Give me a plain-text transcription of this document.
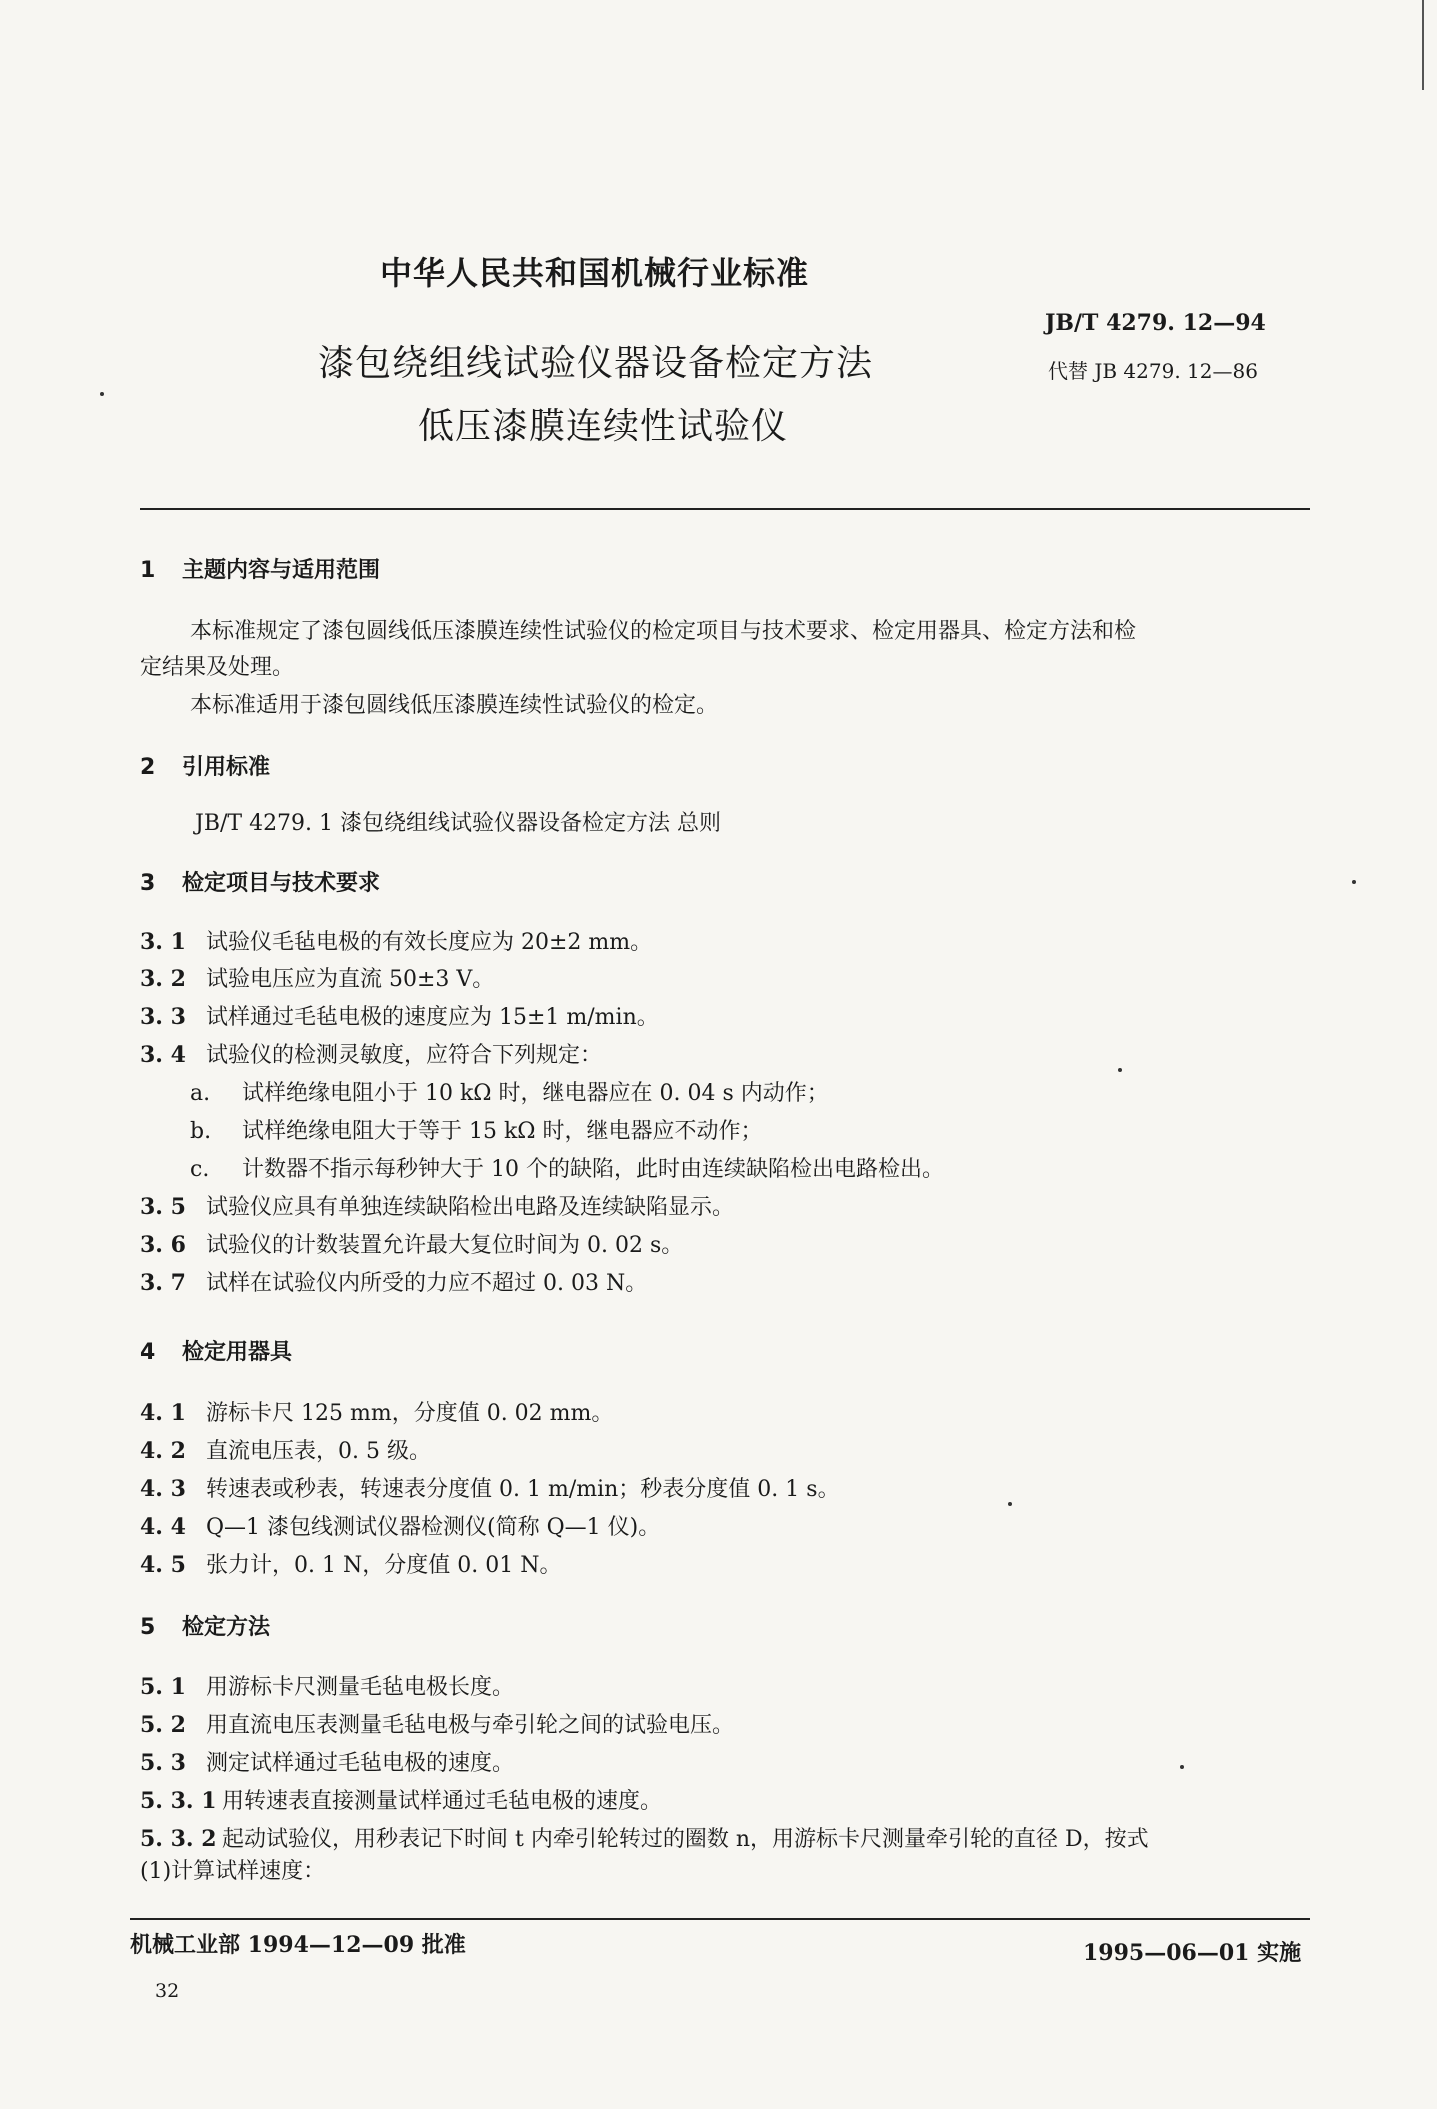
中华人民共和国机械行业标准
漆包绕组线试验仪器设备检定方法
低压漆膜连续性试验仪
JB/T 4279. 12—94
代替 JB 4279. 12—86
1 主题内容与适用范围
本标准规定了漆包圆线低压漆膜连续性试验仪的检定项目与技术要求、检定用器具、检定方法和检
定结果及处理。
本标准适用于漆包圆线低压漆膜连续性试验仪的检定。
2 引用标准
JB/T 4279. 1 漆包绕组线试验仪器设备检定方法 总则
3 检定项目与技术要求
3. 1 试验仪毛毡电极的有效长度应为 20±2 mm。
3. 2 试验电压应为直流 50±3 V。
3. 3 试样通过毛毡电极的速度应为 15±1 m/min。
3. 4 试验仪的检测灵敏度，应符合下列规定：
a. 试样绝缘电阻小于 10 kΩ 时，继电器应在 0. 04 s 内动作；
b. 试样绝缘电阻大于等于 15 kΩ 时，继电器应不动作；
c. 计数器不指示每秒钟大于 10 个的缺陷，此时由连续缺陷检出电路检出。
3. 5 试验仪应具有单独连续缺陷检出电路及连续缺陷显示。
3. 6 试验仪的计数装置允许最大复位时间为 0. 02 s。
3. 7 试样在试验仪内所受的力应不超过 0. 03 N。
4 检定用器具
4. 1 游标卡尺 125 mm，分度值 0. 02 mm。
4. 2 直流电压表，0. 5 级。
4. 3 转速表或秒表，转速表分度值 0. 1 m/min；秒表分度值 0. 1 s。
4. 4 Q—1 漆包线测试仪器检测仪(简称 Q—1 仪)。
4. 5 张力计，0. 1 N，分度值 0. 01 N。
5 检定方法
5. 1 用游标卡尺测量毛毡电极长度。
5. 2 用直流电压表测量毛毡电极与牵引轮之间的试验电压。
5. 3 测定试样通过毛毡电极的速度。
5. 3. 1 用转速表直接测量试样通过毛毡电极的速度。
5. 3. 2 起动试验仪，用秒表记下时间 t 内牵引轮转过的圈数 n，用游标卡尺测量牵引轮的直径 D，按式
(1)计算试样速度：
机械工业部 1994—12—09 批准	1995—06—01 实施
32
